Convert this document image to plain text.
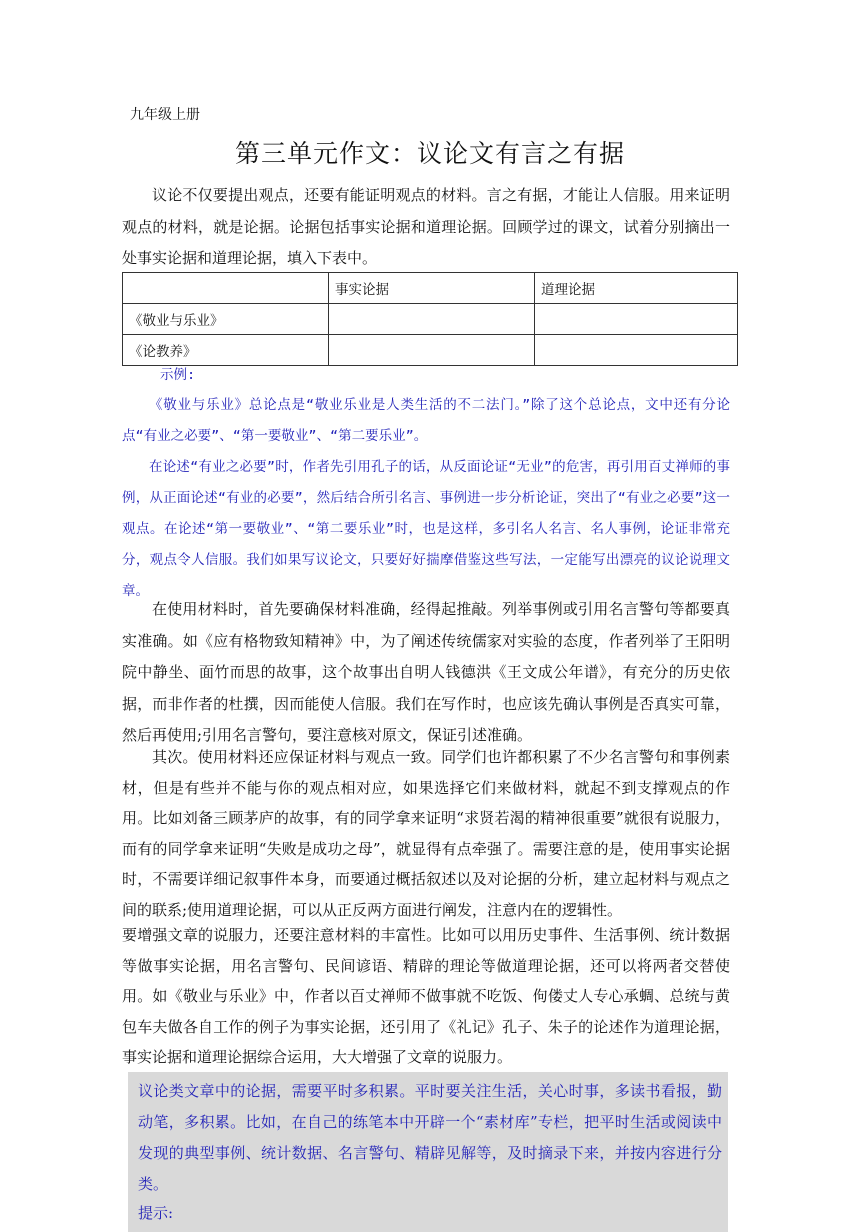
九年级上册
第三单元作文：议论文有言之有据

议论不仅要提出观点，还要有能证明观点的材料。言之有据，才能让人信服。用来证明观点的材料，就是论据。论据包括事实论据和道理论据。回顾学过的课文，试着分别摘出一处事实论据和道理论据，填入下表中。

	事实论据	道理论据
《敬业与乐业》		
《论教养》		
示例:

《敬业与乐业》总论点是“敬业乐业是人类生活的不二法门。”除了这个总论点，文中还有分论点“有业之必要”、“第一要敬业”、“第二要乐业”。

在论述“有业之必要”时，作者先引用孔子的话，从反面论证“无业”的危害，再引用百丈禅师的事例，从正面论述“有业的必要”，然后结合所引名言、事例进一步分析论证，突出了“有业之必要”这一观点。在论述“第一要敬业”、“第二要乐业”时，也是这样，多引名人名言、名人事例，论证非常充分，观点令人信服。我们如果写议论文，只要好好揣摩借鉴这些写法，一定能写出漂亮的议论说理文章。

在使用材料时，首先要确保材料准确，经得起推敲。列举事例或引用名言警句等都要真实准确。如《应有格物致知精神》中，为了阐述传统儒家对实验的态度，作者列举了王阳明院中静坐、面竹而思的故事，这个故事出自明人钱德洪《王文成公年谱》，有充分的历史依据，而非作者的杜撰，因而能使人信服。我们在写作时，也应该先确认事例是否真实可靠，然后再使用;引用名言警句，要注意核对原文，保证引述准确。

其次。使用材料还应保证材料与观点一致。同学们也许都积累了不少名言警句和事例素材，但是有些并不能与你的观点相对应，如果选择它们来做材料，就起不到支撑观点的作用。比如刘备三顾茅庐的故事，有的同学拿来证明“求贤若渴的精神很重要”就很有说服力，而有的同学拿来证明“失败是成功之母”，就显得有点牵强了。需要注意的是，使用事实论据时，不需要详细记叙事件本身，而要通过概括叙述以及对论据的分析，建立起材料与观点之间的联系;使用道理论据，可以从正反两方面进行阐发，注意内在的逻辑性。

要增强文章的说服力，还要注意材料的丰富性。比如可以用历史事件、生活事例、统计数据等做事实论据，用名言警句、民间谚语、精辟的理论等做道理论据，还可以将两者交替使用。如《敬业与乐业》中，作者以百丈禅师不做事就不吃饭、佝偻丈人专心承蜩、总统与黄包车夫做各自工作的例子为事实论据，还引用了《礼记》孔子、朱子的论述作为道理论据，事实论据和道理论据综合运用，大大增强了文章的说服力。

议论类文章中的论据，需要平时多积累。平时要关注生活，关心时事，多读书看报，勤动笔，多积累。比如，在自己的练笔本中开辟一个“素材库”专栏，把平时生活或阅读中发现的典型事例、统计数据、名言警句、精辟见解等，及时摘录下来，并按内容进行分类。
提示:
